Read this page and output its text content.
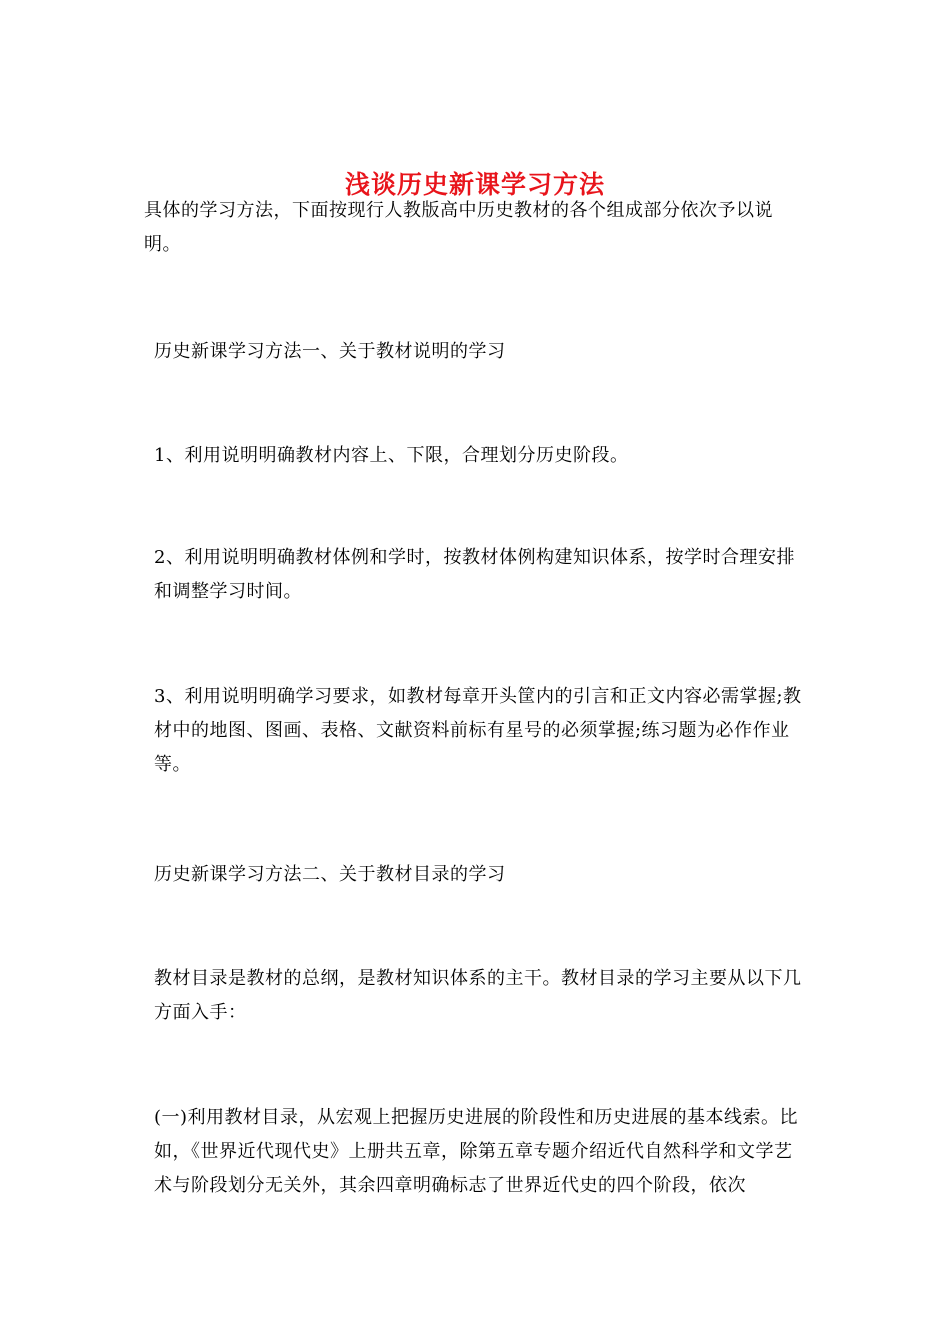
浅谈历史新课学习方法

具体的学习方法，下面按现行人教版高中历史教材的各个组成部分依次予以说明。

历史新课学习方法一、关于教材说明的学习

1、利用说明明确教材内容上、下限，合理划分历史阶段。

2、利用说明明确教材体例和学时，按教材体例构建知识体系，按学时合理安排和调整学习时间。

3、利用说明明确学习要求，如教材每章开头筐内的引言和正文内容必需掌握;教材中的地图、图画、表格、文献资料前标有星号的必须掌握;练习题为必作作业等。

历史新课学习方法二、关于教材目录的学习

教材目录是教材的总纲，是教材知识体系的主干。教材目录的学习主要从以下几方面入手：

(一)利用教材目录，从宏观上把握历史进展的阶段性和历史进展的基本线索。比如，《世界近代现代史》上册共五章，除第五章专题介绍近代自然科学和文学艺术与阶段划分无关外，其余四章明确标志了世界近代史的四个阶段，依次
